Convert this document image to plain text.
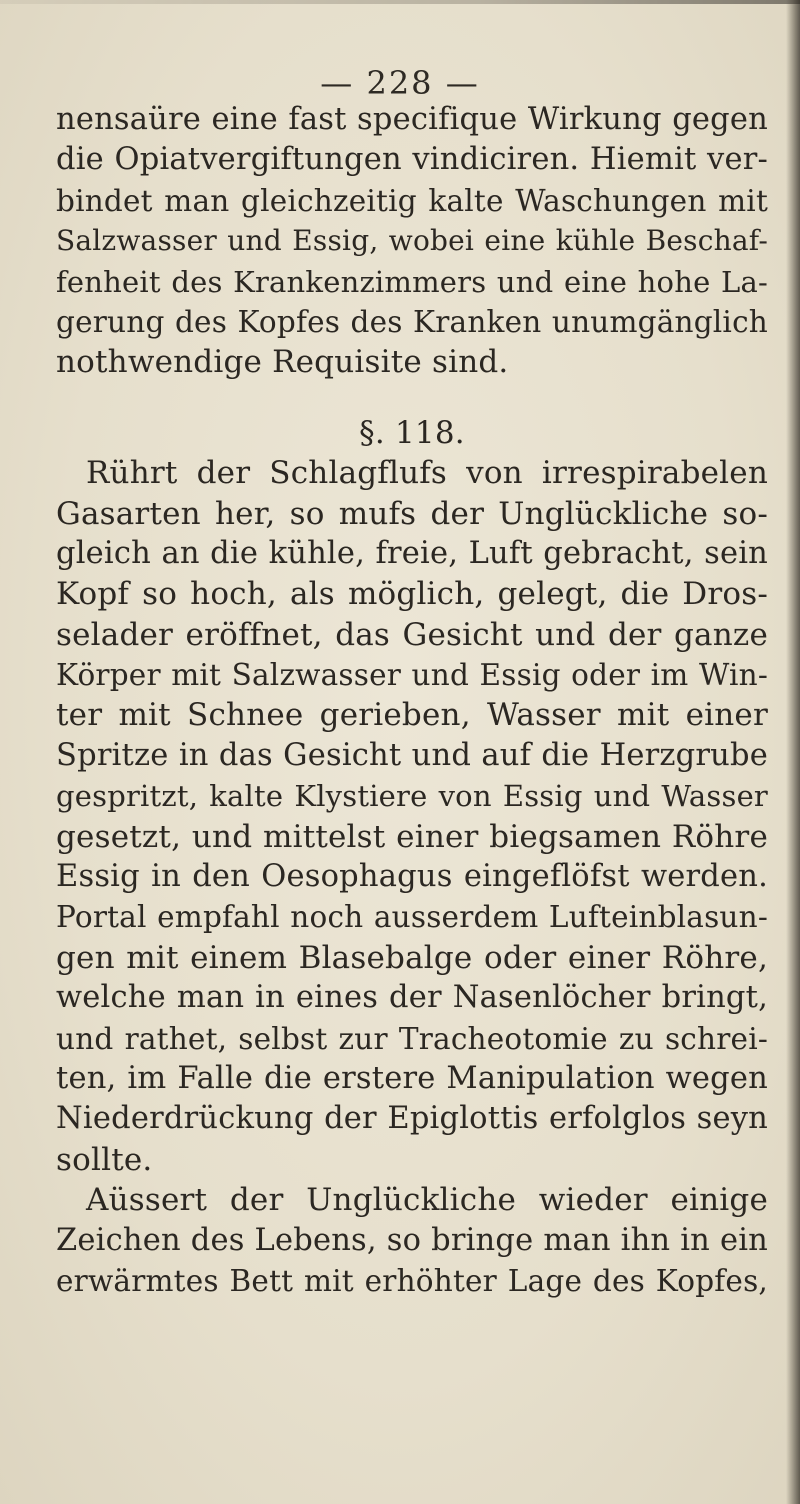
— 228 —
nensaüre eine fast specifique Wirkung gegen
die Opiatvergiftungen vindiciren. Hiemit ver-
bindet man gleichzeitig kalte Waschungen mit
Salzwasser und Essig, wobei eine kühle Beschaf-
fenheit des Krankenzimmers und eine hohe La-
gerung des Kopfes des Kranken unumgänglich
nothwendige Requisite sind.
§. 118.
Rührt der Schlagflufs von irrespirabelen
Gasarten her, so mufs der Unglückliche so-
gleich an die kühle, freie, Luft gebracht, sein
Kopf so hoch, als möglich, gelegt, die Dros-
selader eröffnet, das Gesicht und der ganze
Körper mit Salzwasser und Essig oder im Win-
ter mit Schnee gerieben, Wasser mit einer
Spritze in das Gesicht und auf die Herzgrube
gespritzt, kalte Klystiere von Essig und Wasser
gesetzt, und mittelst einer biegsamen Röhre
Essig in den Oesophagus eingeflöfst werden.
Portal empfahl noch ausserdem Lufteinblasun-
gen mit einem Blasebalge oder einer Röhre,
welche man in eines der Nasenlöcher bringt,
und rathet, selbst zur Tracheotomie zu schrei-
ten, im Falle die erstere Manipulation wegen
Niederdrückung der Epiglottis erfolglos seyn
sollte.
Aüssert der Unglückliche wieder einige
Zeichen des Lebens, so bringe man ihn in ein
erwärmtes Bett mit erhöhter Lage des Kopfes,
